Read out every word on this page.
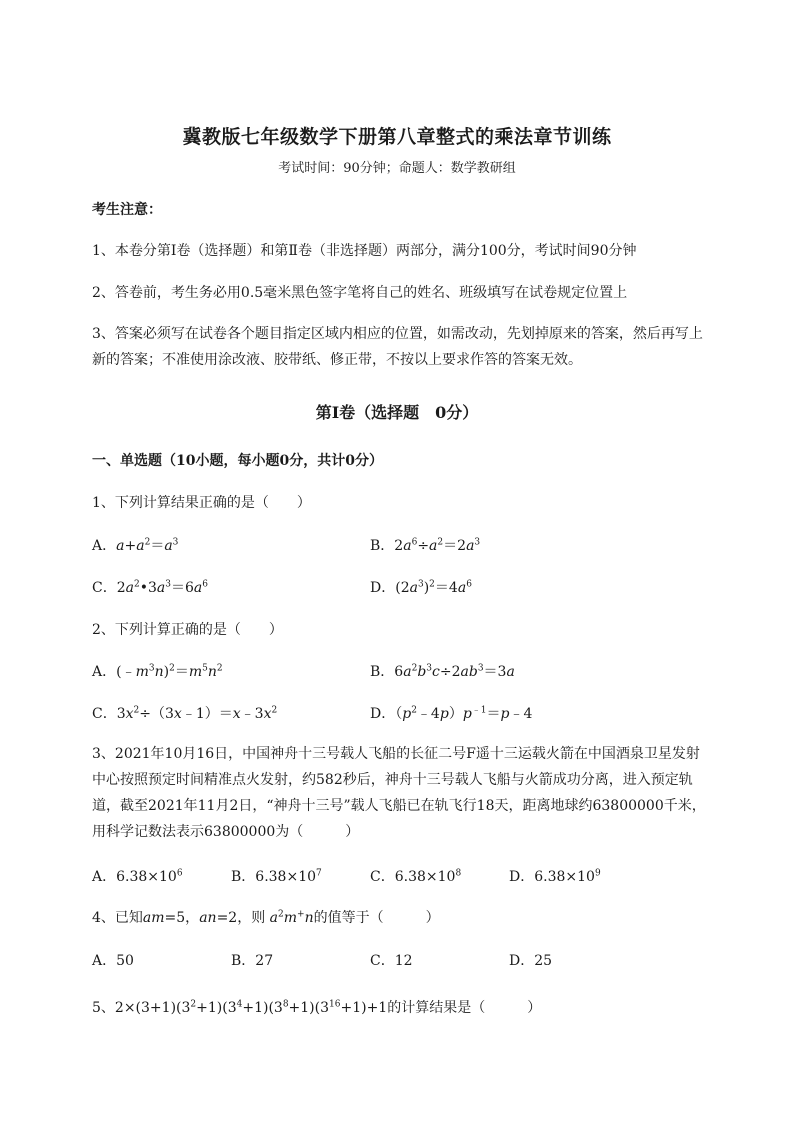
冀教版七年级数学下册第八章整式的乘法章节训练
考试时间：90分钟；命题人：数学教研组
考生注意：
1、本卷分第I卷（选择题）和第Ⅱ卷（非选择题）两部分，满分100分，考试时间90分钟
2、答卷前，考生务必用0.5毫米黑色签字笔将自己的姓名、班级填写在试卷规定位置上
3、答案必须写在试卷各个题目指定区域内相应的位置，如需改动，先划掉原来的答案，然后再写上新的答案；不准使用涂改液、胶带纸、修正带，不按以上要求作答的答案无效。
第I卷（选择题　0分）
一、单选题（10小题，每小题0分，共计0分）
1、下列计算结果正确的是（　　）
A．$a+a^2=a^3$	B．$2a^6\div a^2=2a^3$
C．$2a^2•3a^3=6a^6$	D．$(2a^3)^2=4a^6$
2、下列计算正确的是（　　）
A．$(﹣m^3n)^2=m^5n^2$	B．$6a^2b^3c\div 2ab^3=3a$
C．$3x^2\div(3x﹣1)=x﹣3x^2$	D．$(p^2﹣4p)p^{﹣1}=p﹣4$
3、2021年10月16日，中国神舟十三号载人飞船的长征二号F遥十三运载火箭在中国酒泉卫星发射中心按照预定时间精准点火发射，约582秒后，神舟十三号载人飞船与火箭成功分离，进入预定轨道，截至2021年11月2日，“神舟十三号”载人飞船已在轨飞行18天，距离地球约63800000千米，用科学记数法表示63800000为（　　　）
A．$6.38\times 10^6$	B．$6.38\times 10^7$	C．$6.38\times 10^8$	D．$6.38\times 10^9$
4、已知am=5，an=2，则 $a^2m^+n$的值等于（　　　）
A．50	B．27	C．12	D．25
5、$2\times(3+1)(3^2+1)(3^4+1)(3^8+1)(3^{16}+1)+1$的计算结果是（　　　）
